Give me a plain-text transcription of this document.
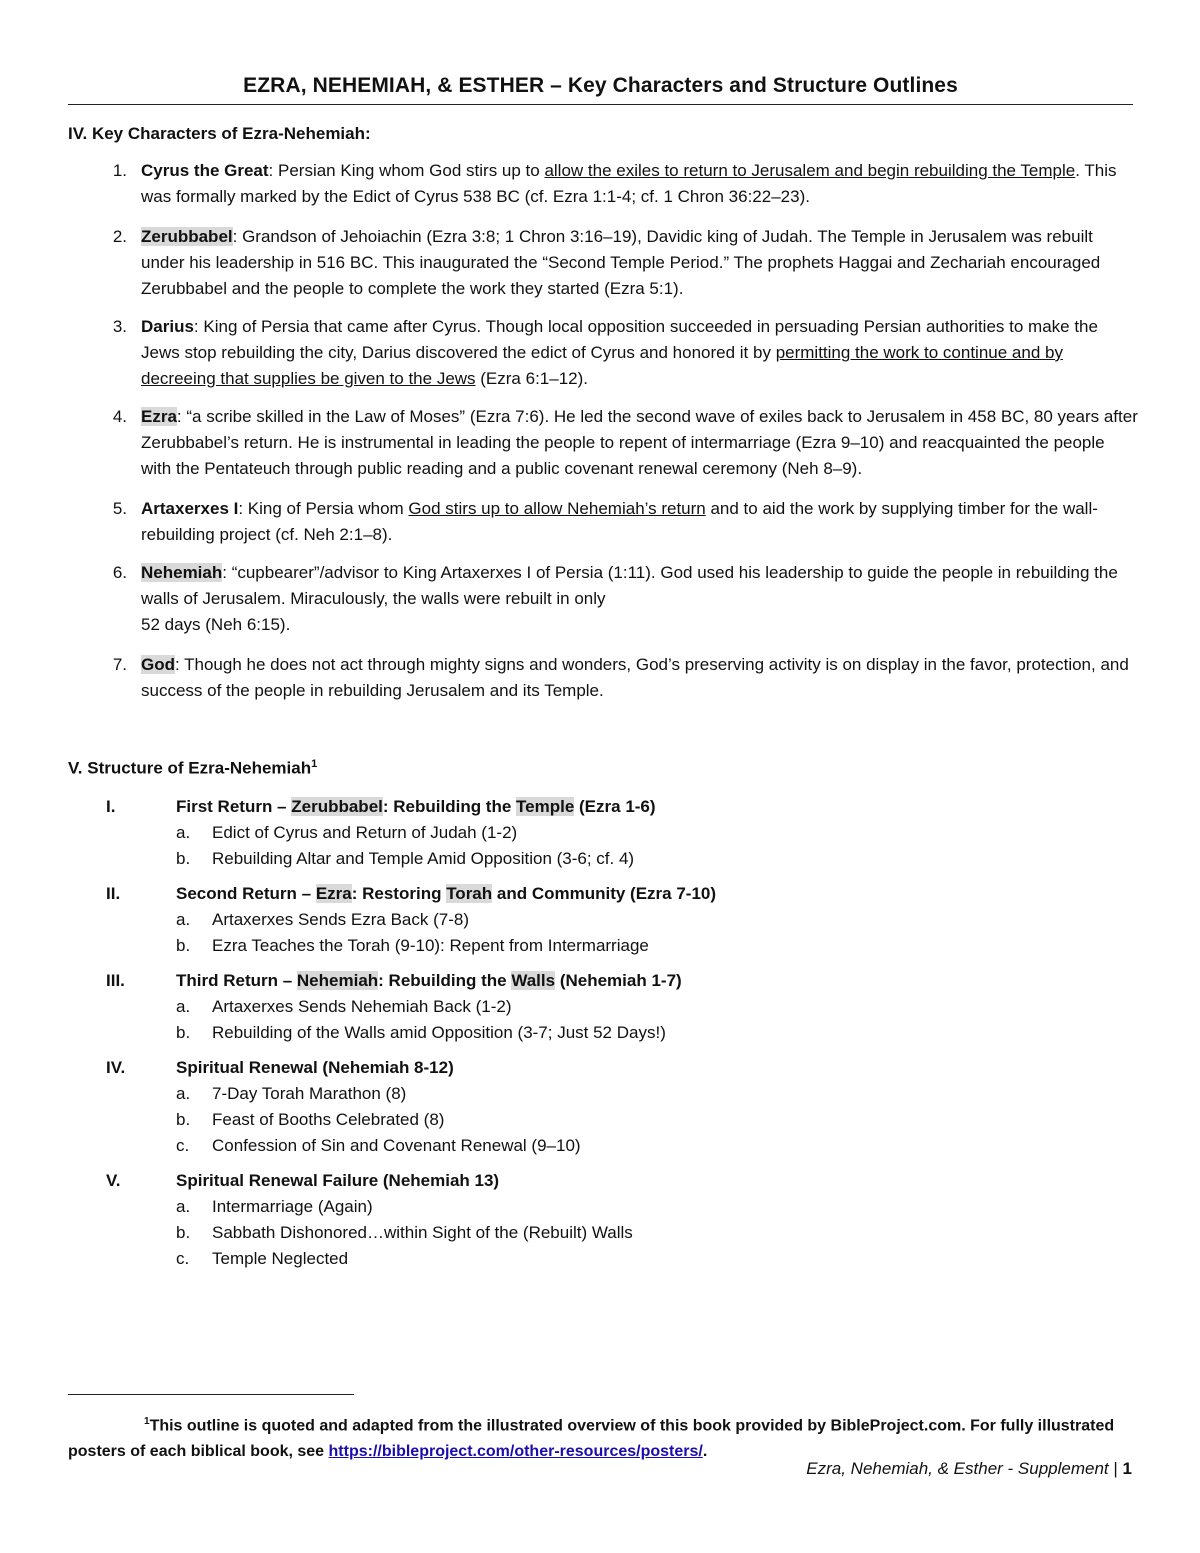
EZRA, NEHEMIAH, & ESTHER – Key Characters and Structure Outlines
IV. Key Characters of Ezra-Nehemiah:
1. Cyrus the Great: Persian King whom God stirs up to allow the exiles to return to Jerusalem and begin rebuilding the Temple. This was formally marked by the Edict of Cyrus 538 BC (cf. Ezra 1:1-4; cf. 1 Chron 36:22–23).
2. Zerubbabel: Grandson of Jehoiachin (Ezra 3:8; 1 Chron 3:16–19), Davidic king of Judah. The Temple in Jerusalem was rebuilt under his leadership in 516 BC. This inaugurated the “Second Temple Period.” The prophets Haggai and Zechariah encouraged Zerubbabel and the people to complete the work they started (Ezra 5:1).
3. Darius: King of Persia that came after Cyrus. Though local opposition succeeded in persuading Persian authorities to make the Jews stop rebuilding the city, Darius discovered the edict of Cyrus and honored it by permitting the work to continue and by decreeing that supplies be given to the Jews (Ezra 6:1–12).
4. Ezra: “a scribe skilled in the Law of Moses” (Ezra 7:6). He led the second wave of exiles back to Jerusalem in 458 BC, 80 years after Zerubbabel’s return. He is instrumental in leading the people to repent of intermarriage (Ezra 9–10) and reacquainted the people with the Pentateuch through public reading and a public covenant renewal ceremony (Neh 8–9).
5. Artaxerxes I: King of Persia whom God stirs up to allow Nehemiah’s return and to aid the work by supplying timber for the wall-rebuilding project (cf. Neh 2:1–8).
6. Nehemiah: “cupbearer”/advisor to King Artaxerxes I of Persia (1:11). God used his leadership to guide the people in rebuilding the walls of Jerusalem. Miraculously, the walls were rebuilt in only
52 days (Neh 6:15).
7. God: Though he does not act through mighty signs and wonders, God’s preserving activity is on display in the favor, protection, and success of the people in rebuilding Jerusalem and its Temple.
V. Structure of Ezra-Nehemiah$^1$
I.	First Return – Zerubbabel: Rebuilding the Temple (Ezra 1-6)
a.	Edict of Cyrus and Return of Judah (1-2)
b.	Rebuilding Altar and Temple Amid Opposition (3-6; cf. 4)
II.	Second Return – Ezra: Restoring Torah and Community (Ezra 7-10)
a.	Artaxerxes Sends Ezra Back (7-8)
b.	Ezra Teaches the Torah (9-10): Repent from Intermarriage
III.	Third Return – Nehemiah: Rebuilding the Walls (Nehemiah 1-7)
a.	Artaxerxes Sends Nehemiah Back (1-2)
b.	Rebuilding of the Walls amid Opposition (3-7; Just 52 Days!)
IV.	Spiritual Renewal (Nehemiah 8-12)
a.	7-Day Torah Marathon (8)
b.	Feast of Booths Celebrated (8)
c.	Confession of Sin and Covenant Renewal (9–10)
V.	Spiritual Renewal Failure (Nehemiah 13)
a.	Intermarriage (Again)
b.	Sabbath Dishonored…within Sight of the (Rebuilt) Walls
c.	Temple Neglected
$^1$This outline is quoted and adapted from the illustrated overview of this book provided by BibleProject.com. For fully illustrated posters of each biblical book, see https://bibleproject.com/other-resources/posters/.
Ezra, Nehemiah, & Esther - Supplement | 1
